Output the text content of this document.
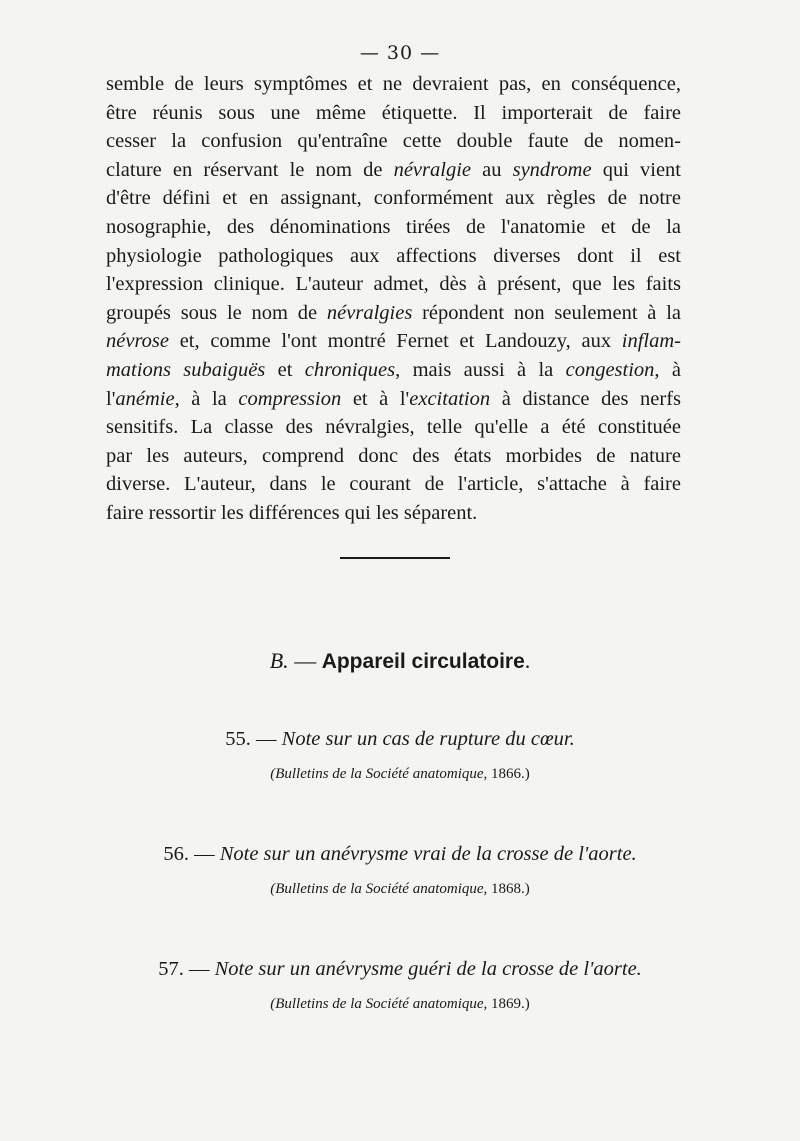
— 30 —
semble de leurs symptômes et ne devraient pas, en conséquence,
être réunis sous une même étiquette. Il importerait de faire
cesser la confusion qu'entraîne cette double faute de nomen-
clature en réservant le nom de névralgie au syndrome qui vient
d'être défini et en assignant, conformément aux règles de notre
nosographie, des dénominations tirées de l'anatomie et de la
physiologie pathologiques aux affections diverses dont il est
l'expression clinique. L'auteur admet, dès à présent, que les faits
groupés sous le nom de névralgies répondent non seulement à la
névrose et, comme l'ont montré Fernet et Landouzy, aux inflam-
mations subaiguës et chroniques, mais aussi à la congestion, à
l'anémie, à la compression et à l'excitation à distance des nerfs
sensitifs. La classe des névralgies, telle qu'elle a été constituée
par les auteurs, comprend donc des états morbides de nature
diverse. L'auteur, dans le courant de l'article, s'attache à faire
faire ressortir les différences qui les séparent.
B. — Appareil circulatoire.
55. — Note sur un cas de rupture du cœur.
(Bulletins de la Société anatomique, 1866.)
56. — Note sur un anévrysme vrai de la crosse de l'aorte.
(Bulletins de la Société anatomique, 1868.)
57. — Note sur un anévrysme guéri de la crosse de l'aorte.
(Bulletins de la Société anatomique, 1869.)
